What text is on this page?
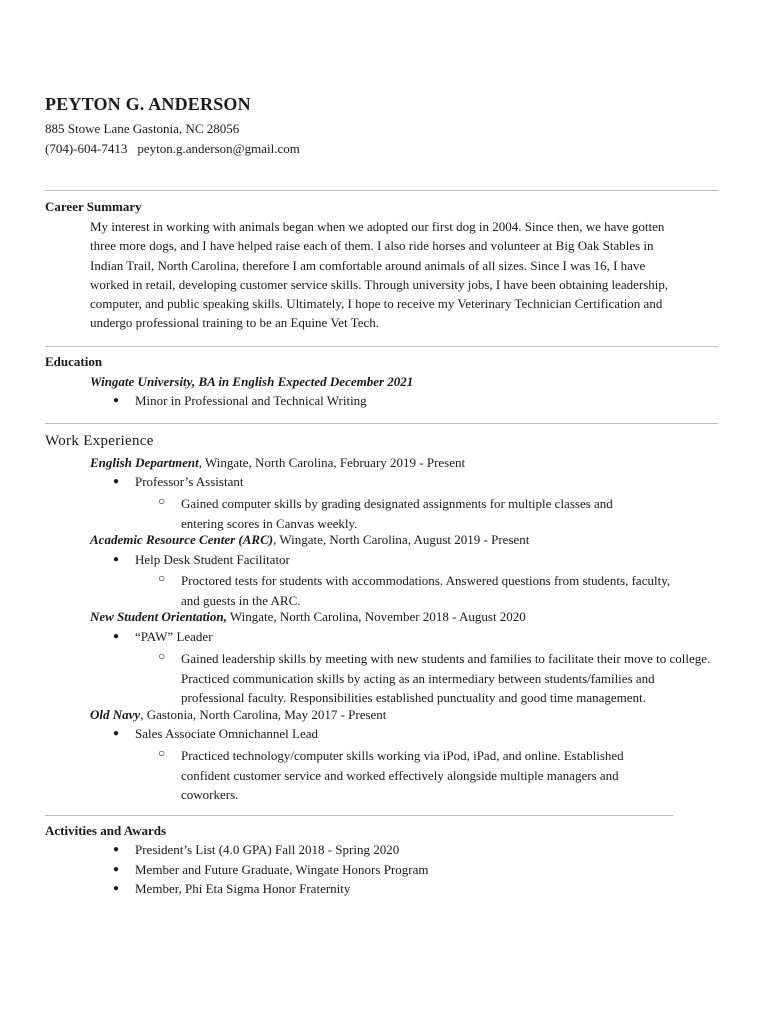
PEYTON G. ANDERSON
885 Stowe Lane Gastonia, NC 28056
(704)-604-7413 peyton.g.anderson@gmail.com
Career Summary

My interest in working with animals began when we adopted our first dog in 2004. Since then, we have gotten three more dogs, and I have helped raise each of them. I also ride horses and volunteer at Big Oak Stables in Indian Trail, North Carolina, therefore I am comfortable around animals of all sizes. Since I was 16, I have worked in retail, developing customer service skills. Through university jobs, I have been obtaining leadership, computer, and public speaking skills. Ultimately, I hope to receive my Veterinary Technician Certification and undergo professional training to be an Equine Vet Tech.

Education
Wingate University, BA in English Expected December 2021
● Minor in Professional and Technical Writing
Work Experience
English Department, Wingate, North Carolina, February 2019 - Present
● Professor’s Assistant
○ Gained computer skills by grading designated assignments for multiple classes and entering scores in Canvas weekly.

Academic Resource Center (ARC), Wingate, North Carolina, August 2019 - Present
● Help Desk Student Facilitator
○ Proctored tests for students with accommodations. Answered questions from students, faculty, and guests in the ARC.

New Student Orientation, Wingate, North Carolina, November 2018 - August 2020
● “PAW” Leader
○ Gained leadership skills by meeting with new students and families to facilitate their move to college. Practiced communication skills by acting as an intermediary between students/families and professional faculty. Responsibilities established punctuality and good time management.

Old Navy, Gastonia, North Carolina, May 2017 - Present
● Sales Associate Omnichannel Lead
○ Practiced technology/computer skills working via iPod, iPad, and online. Established confident customer service and worked effectively alongside multiple managers and coworkers.

Activities and Awards
● President’s List (4.0 GPA) Fall 2018 - Spring 2020
● Member and Future Graduate, Wingate Honors Program
● Member, Phi Eta Sigma Honor Fraternity
